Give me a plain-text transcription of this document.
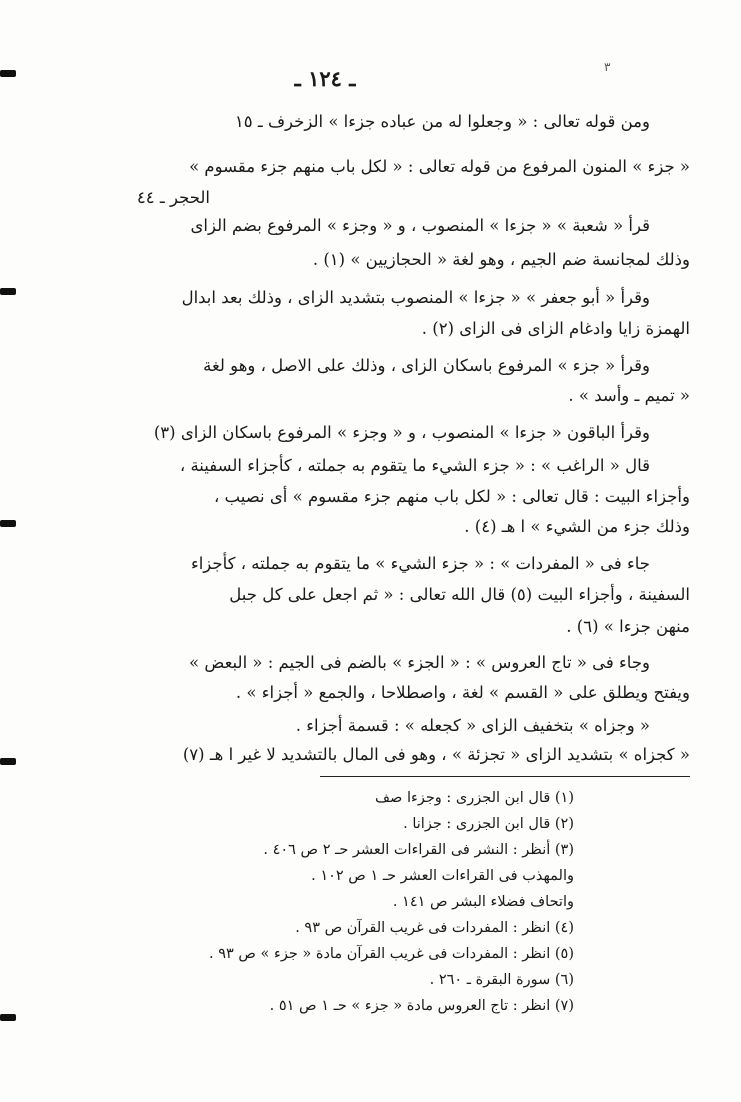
٣
ـ ١٢٤ ـ
ومن قوله تعالى : « وجعلوا له من عباده جزءا » الزخرف ـ ١٥
« جزء » المنون المرفوع من قوله تعالى : « لكل باب منهم جزء مقسوم »
الحجر ـ ٤٤
قرأ « شعبة » « جزءا » المنصوب ، و « وجزء » المرفوع بضم الزاى
وذلك لمجانسة ضم الجيم ، وهو لغة « الحجازيين » (١) .
وقرأ « أبو جعفر » « جزءا » المنصوب بتشديد الزاى ، وذلك بعد ابدال
الهمزة زايا وادغام الزاى فى الزاى (٢) .
وقرأ « جزء » المرفوع باسكان الزاى ، وذلك على الاصل ، وهو لغة
« تميم ـ وأسد » .
وقرأ الباقون « جزءا » المنصوب ، و « وجزء » المرفوع باسكان الزاى (٣)
قال « الراغب » : « جزء الشيء ما يتقوم به جملته ، كأجزاء السفينة ،
وأجزاء البيت : قال تعالى : « لكل باب منهم جزء مقسوم » أى نصيب ،
وذلك جزء من الشيء » ا هـ (٤) .
جاء فى « المفردات » : « جزء الشيء » ما يتقوم به جملته ، كأجزاء
السفينة ، وأجزاء البيت (٥) قال الله تعالى : « ثم اجعل على كل جبل
منهن جزءا » (٦) .
وجاء فى « تاج العروس » : « الجزء » بالضم فى الجيم : « البعض »
ويفتح ويطلق على « القسم » لغة ، واصطلاحا ، والجمع « أجزاء » .
« وجزاه » بتخفيف الزاى « كجعله » : قسمة أجزاء .
« كجزاه » بتشديد الزاى « تجزئة » ، وهو فى المال بالتشديد لا غير ا هـ (٧)
(١) قال ابن الجزرى : وجزءا صف
(٢) قال ابن الجزرى : جزانا .
(٣) أنظر : النشر فى القراءات العشر حـ ٢ ص ٤٠٦ .
والمهذب فى القراءات العشر حـ ١ ص ١٠٢ .
واتحاف فضلاء البشر ص ١٤١ .
(٤) انظر : المفردات فى غريب القرآن ص ٩٣ .
(٥) انظر : المفردات فى غريب القرآن مادة « جزء » ص ٩٣ .
(٦) سورة البقرة ـ ٢٦٠ .
(٧) انظر : تاج العروس مادة « جزء » حـ ١ ص ٥١ .
